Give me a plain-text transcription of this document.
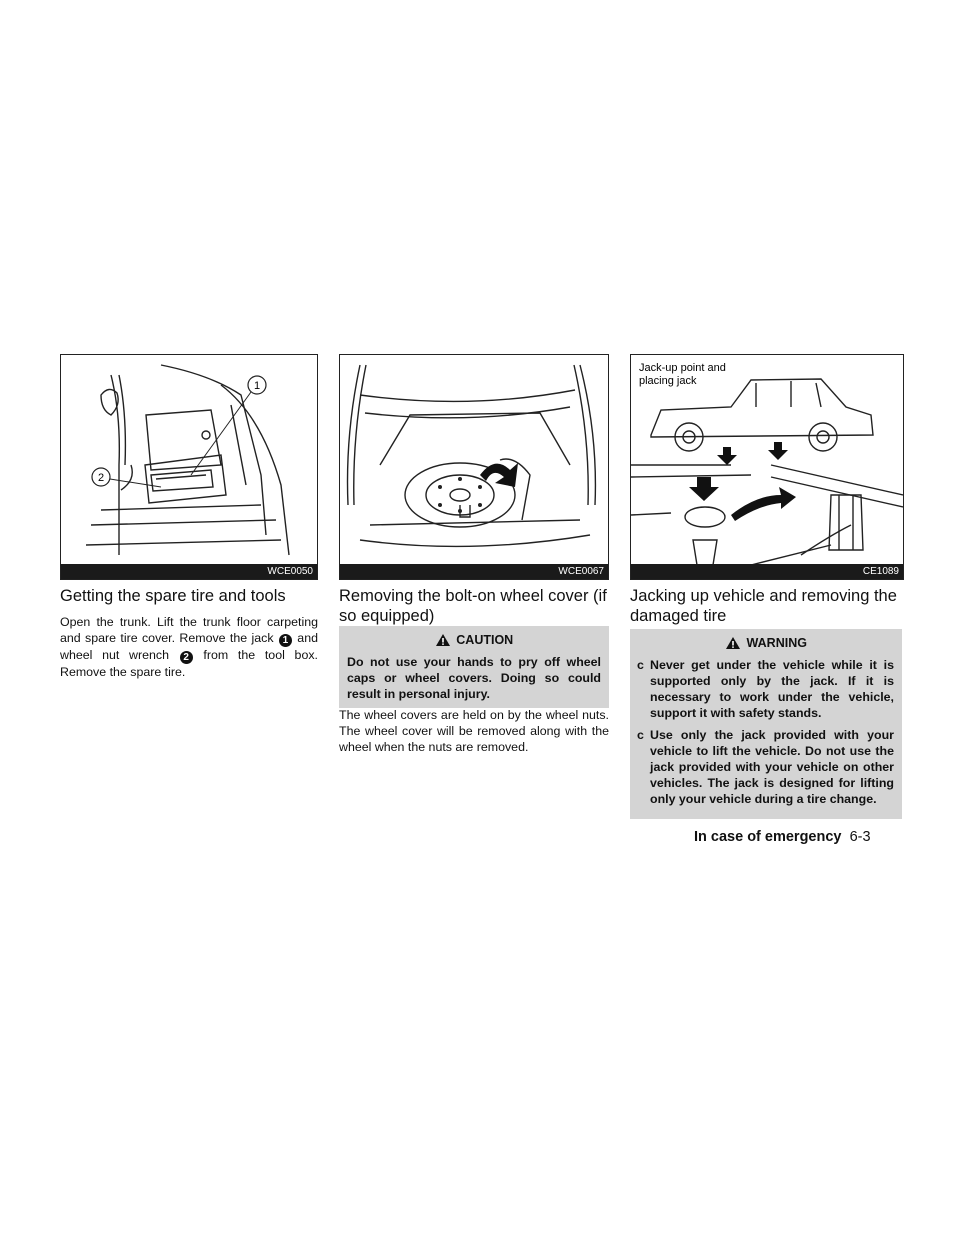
1
2
WCE0050	WCE0067
Jack-up point and
placing jack
CE1089
Getting the spare tire and tools

Open the trunk. Lift the trunk floor carpeting and spare tire cover. Remove the jack 1 and wheel nut wrench 2 from the tool box. Remove the spare tire.

Removing the bolt-on wheel cover (if so equipped)
CAUTION
Do not use your hands to pry off wheel caps or wheel covers. Doing so could result in personal injury.

The wheel covers are held on by the wheel nuts. The wheel cover will be removed along with the wheel when the nuts are removed.

Jacking up vehicle and removing the damaged tire
WARNING
c Never get under the vehicle while it is supported only by the jack. If it is necessary to work under the vehicle, support it with safety stands.
c Use only the jack provided with your vehicle to lift the vehicle. Do not use the jack provided with your vehicle on other vehicles. The jack is designed for lifting only your vehicle during a tire change.
In case of emergency 6-3
